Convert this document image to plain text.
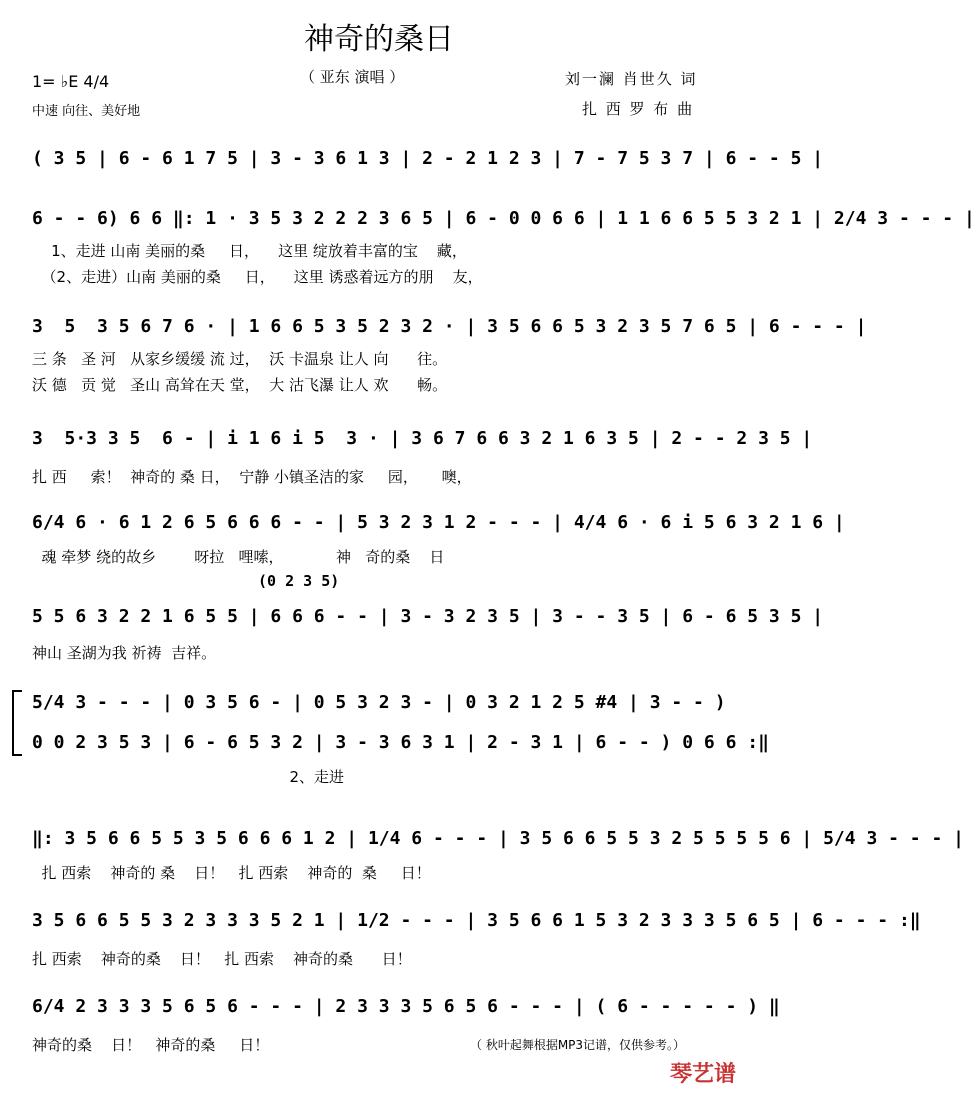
神奇的桑日
1= ♭E 4/4
中速 向往、美好地
（ 亚东 演唱 ）	刘一澜 肖世久 词
扎 西 罗 布 曲
( 3 5 | 6 - 6 1 7 5 | 3 - 3 6 1 3 | 2 - 2 1 2 3 | 7 - 7 5 3 7 | 6 - - 5 |
6 - - 6) 6 6 ‖: 1 · 3 5 3 2 2 2 3 6 5 | 6 - 0 0 6 6 | 1 1 6 6 5 5 3 2 1 | 2/4 3 - - - |
1、走进 山南 美丽的桑     日，    这里 绽放着丰富的宝    藏，
（2、走进）山南 美丽的桑     日，    这里 诱惑着远方的朋    友，
3  5  3 5 6 7 6 · | 1 6 6 5 3 5 2 3 2 · | 3 5 6 6 5 3 2 3 5 7 6 5 | 6 - - - |
三 条   圣 河   从家乡缓缓 流 过，  沃 卡温泉 让人 向      往。
沃 德   贡 觉   圣山 高耸在天 堂，  大 沽飞瀑 让人 欢      畅。
3  5·3 3 5  6 - | i 1 6 i 5  3 · | 3 6 7 6 6 3 2 1 6 3 5 | 2 - - 2 3 5 |
扎 西     索！  神奇的 桑 日，  宁静 小镇圣洁的家     园，     噢，
6/4 6 · 6 1 2 6 5 6 6 6 - - | 5 3 2 3 1 2 - - - | 4/4 6 · 6 i 5 6 3 2 1 6 |
魂 牵梦 绕的故乡        呀拉   哩嗦，           神   奇的桑    日
(0 2 3 5)
5 5 6 3 2 2 1 6 5 5 | 6 6 6 - - | 3 - 3 2 3 5 | 3 - - 3 5 | 6 - 6 5 3 5 |
神山 圣湖为我 祈祷  吉祥。
5/4 3 - - - | 0 3 5 6 - | 0 5 3 2 3 - | 0 3 2 1 2 5 #4 | 3 - - )
0 0 2 3 5 3 | 6 - 6 5 3 2 | 3 - 3 6 3 1 | 2 - 3 1 | 6 - - ) 0 6 6 :‖
2、走进
‖: 3 5 6 6 5 5 3 5 6 6 6 1 2 | 1/4 6 - - - | 3 5 6 6 5 5 3 2 5 5 5 5 6 | 5/4 3 - - - |
扎 西索    神奇的 桑    日！   扎 西索    神奇的  桑     日！
3 5 6 6 5 5 3 2 3 3 3 5 2 1 | 1/2 - - - | 3 5 6 6 1 5 3 2 3 3 3 5 6 5 | 6 - - - :‖
扎 西索    神奇的桑    日！   扎 西索    神奇的桑      日！
6/4 2 3 3 3 5 6 5 6 - - - | 2 3 3 3 5 6 5 6 - - - | ( 6 - - - - - ) ‖
神奇的桑    日！   神奇的桑     日！	（ 秋叶起舞根据MP3记谱，仅供参考。）
琴艺谱
